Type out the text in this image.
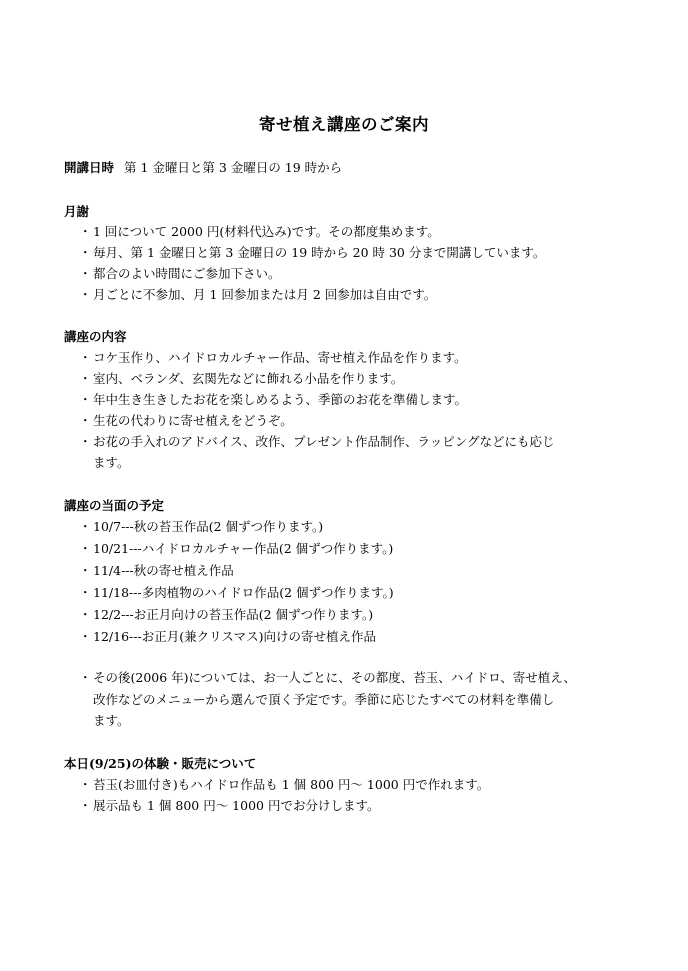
寄せ植え講座のご案内
開講日時 第 1 金曜日と第 3 金曜日の 19 時から
月謝
・1 回について 2000 円(材料代込み)です。その都度集めます。
・毎月、第 1 金曜日と第 3 金曜日の 19 時から 20 時 30 分まで開講しています。
・都合のよい時間にご参加下さい。
・月ごとに不参加、月 1 回参加または月 2 回参加は自由です。
講座の内容
・コケ玉作り、ハイドロカルチャー作品、寄せ植え作品を作ります。
・室内、ベランダ、玄関先などに飾れる小品を作ります。
・年中生き生きしたお花を楽しめるよう、季節のお花を準備します。
・生花の代わりに寄せ植えをどうぞ。
・お花の手入れのアドバイス、改作、プレゼント作品制作、ラッピングなどにも応じ
ます。
講座の当面の予定
・10/7---秋の苔玉作品(2 個ずつ作ります。)
・10/21---ハイドロカルチャー作品(2 個ずつ作ります。)
・11/4---秋の寄せ植え作品
・11/18---多肉植物のハイドロ作品(2 個ずつ作ります。)
・12/2---お正月向けの苔玉作品(2 個ずつ作ります。)
・12/16---お正月(兼クリスマス)向けの寄せ植え作品
・その後(2006 年)については、お一人ごとに、その都度、苔玉、ハイドロ、寄せ植え、
改作などのメニューから選んで頂く予定です。季節に応じたすべての材料を準備し
ます。
本日(9/25)の体験・販売について
・苔玉(お皿付き)もハイドロ作品も 1 個 800 円～ 1000 円で作れます。
・展示品も 1 個 800 円～ 1000 円でお分けします。
